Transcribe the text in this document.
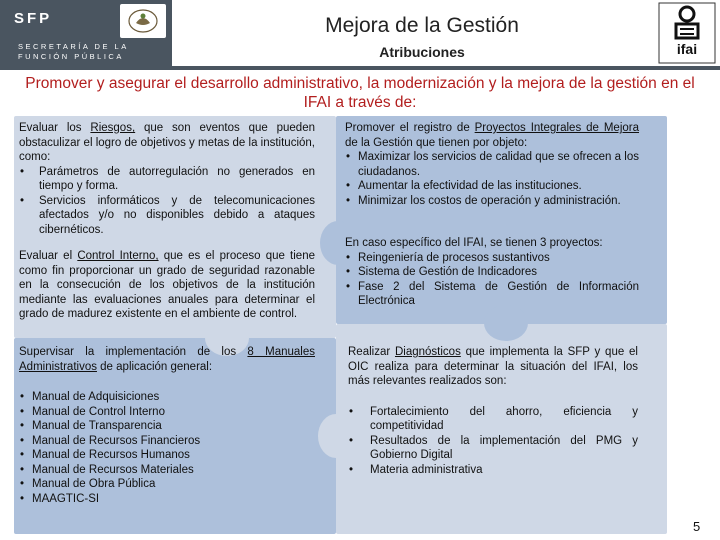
SFP
SECRETARÍA DE LA
FUNCIÓN PÚBLICA
Mejora de la Gestión
Atribuciones	ifai
Promover y asegurar el desarrollo administrativo, la modernización y la mejora de la gestión en el IFAI a través de:
Evaluar los Riesgos, que son eventos que pueden obstaculizar el logro de objetivos y metas de la institución, como:
• Parámetros de autorregulación no generados en tiempo y forma.
• Servicios informáticos y de telecomunicaciones afectados y/o no disponibles debido a ataques cibernéticos.
Evaluar el Control Interno, que es el proceso que tiene como fin proporcionar un grado de seguridad razonable en la consecución de los objetivos de la institución mediante las evaluaciones anuales para determinar el grado de madurez existente en el ambiente de control.
Promover el registro de Proyectos Integrales de Mejora de la Gestión que tienen por objeto:
• Maximizar los servicios de calidad que se ofrecen a los ciudadanos.
• Aumentar la efectividad de las instituciones.
• Minimizar los costos de operación y administración.
En caso específico del IFAI, se tienen 3 proyectos:
• Reingeniería de procesos sustantivos
• Sistema de Gestión de Indicadores
• Fase 2 del Sistema de Gestión de Información Electrónica
Supervisar la implementación de los 8 Manuales Administrativos de aplicación general:
• Manual de Adquisiciones
• Manual de Control Interno
• Manual de Transparencia
• Manual de Recursos Financieros
• Manual de Recursos Humanos
• Manual de Recursos Materiales
• Manual de Obra Pública
• MAAGTIC-SI
Realizar Diagnósticos que implementa la SFP y que el OIC realiza para determinar la situación del IFAI, los más relevantes realizados son:
• Fortalecimiento del ahorro, eficiencia y competitividad
• Resultados de la implementación del PMG y Gobierno Digital
• Materia administrativa
5
